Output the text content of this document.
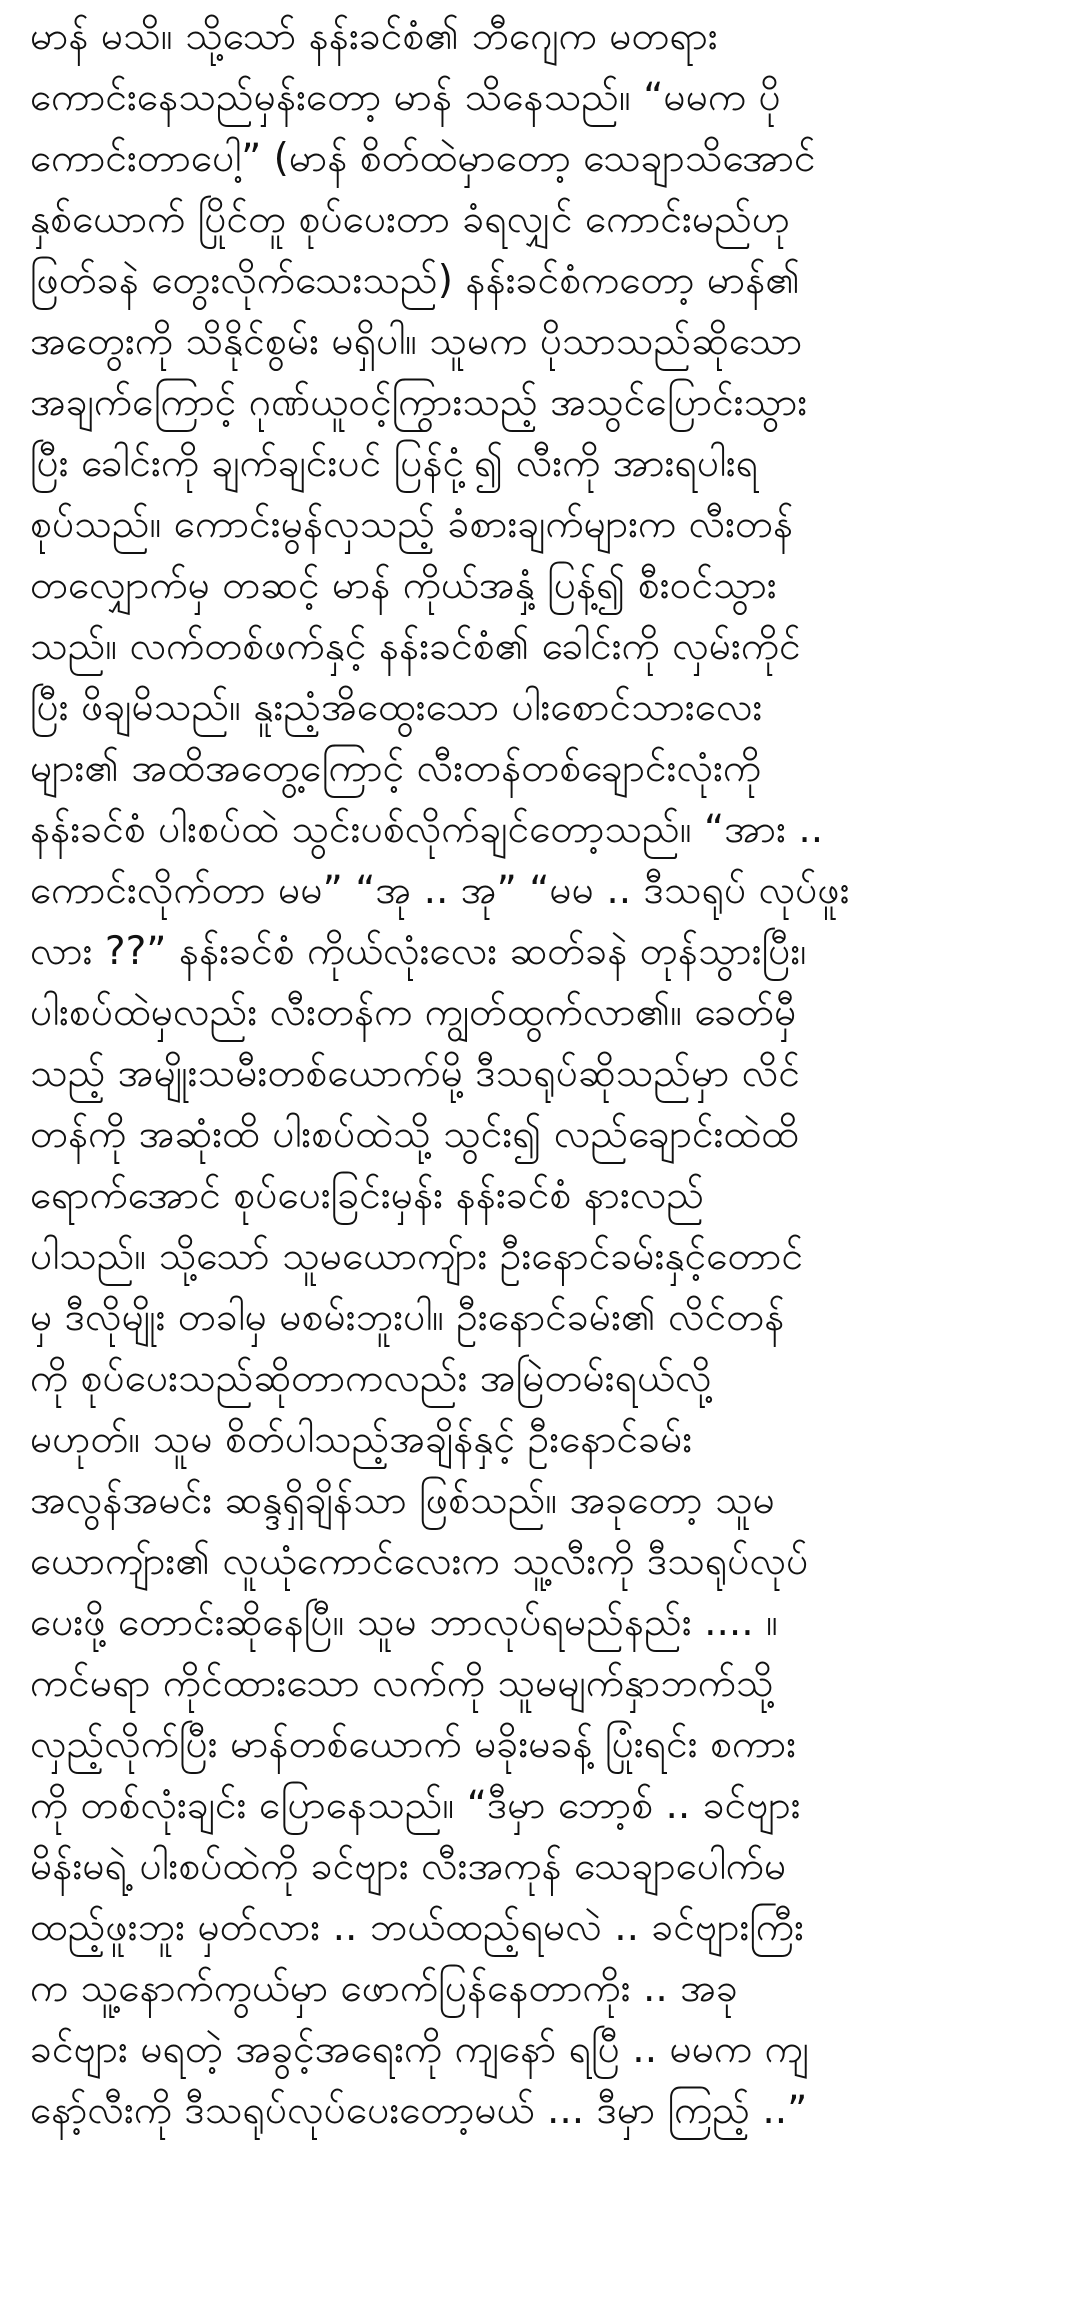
မာန် မသိ။ သို့သော် နန်းခင်စံ၏ ဘီဂျေက မတရား
ကောင်းနေသည်မှန်းတော့ မာန် သိနေသည်။ “မမက ပို
ကောင်းတာပေါ့” (မာန် စိတ်ထဲမှာတော့ သေချာသိအောင်
နှစ်ယောက် ပြိုင်တူ စုပ်ပေးတာ ခံရလျှင် ကောင်းမည်ဟု
ဖြတ်ခနဲ တွေးလိုက်သေးသည်) နန်းခင်စံကတော့ မာန်၏
အတွေးကို သိနိုင်စွမ်း မရှိပါ။ သူမက ပိုသာသည်ဆိုသော
အချက်ကြောင့် ဂုဏ်ယူဝင့်ကြွားသည့် အသွင်ပြောင်းသွား
ပြီး ခေါင်းကို ချက်ချင်းပင် ပြန်ငုံ့၍ လီးကို အားရပါးရ
စုပ်သည်။ ကောင်းမွန်လှသည့် ခံစားချက်များက လီးတန်
တလျှောက်မှ တဆင့် မာန် ကိုယ်အနှံ့ ပြန့်၍ စီးဝင်သွား
သည်။ လက်တစ်ဖက်နှင့် နန်းခင်စံ၏ ခေါင်းကို လှမ်းကိုင်
ပြီး ဖိချမိသည်။ နူးညံ့အိထွေးသော ပါးစောင်သားလေး
များ၏ အထိအတွေ့ကြောင့် လီးတန်တစ်ချောင်းလုံးကို
နန်းခင်စံ ပါးစပ်ထဲ သွင်းပစ်လိုက်ချင်တော့သည်။ “အား ..
ကောင်းလိုက်တာ မမ” “အု .. အု” “မမ .. ဒီသရုပ် လုပ်ဖူး
လား ??” နန်းခင်စံ ကိုယ်လုံးလေး ဆတ်ခနဲ တုန်သွားပြီး၊
ပါးစပ်ထဲမှလည်း လီးတန်က ကျွတ်ထွက်လာ၏။ ခေတ်မှီ
သည့် အမျိုးသမီးတစ်ယောက်မို့ ဒီသရုပ်ဆိုသည်မှာ လိင်
တန်ကို အဆုံးထိ ပါးစပ်ထဲသို့ သွင်း၍ လည်ချောင်းထဲထိ
ရောက်အောင် စုပ်ပေးခြင်းမှန်း နန်းခင်စံ နားလည်
ပါသည်။ သို့သော် သူမယောကျ်ား ဦးနောင်ခမ်းနှင့်တောင်
မှ ဒီလိုမျိုး တခါမှ မစမ်းဘူးပါ။ ဦးနောင်ခမ်း၏ လိင်တန်
ကို စုပ်ပေးသည်ဆိုတာကလည်း အမြဲတမ်းရယ်လို့
မဟုတ်။ သူမ စိတ်ပါသည့်အချိန်နှင့် ဦးနောင်ခမ်း
အလွန်အမင်း ဆန္ဒရှိချိန်သာ ဖြစ်သည်။ အခုတော့ သူမ
ယောကျ်ား၏ လူယုံကောင်လေးက သူ့လီးကို ဒီသရုပ်လုပ်
ပေးဖို့ တောင်းဆိုနေပြီ။ သူမ ဘာလုပ်ရမည်နည်း .... ။
ကင်မရာ ကိုင်ထားသော လက်ကို သူမမျက်နှာဘက်သို့
လှည့်လိုက်ပြီး မာန်တစ်ယောက် မခိုးမခန့် ပြုံးရင်း စကား
ကို တစ်လုံးချင်း ပြောနေသည်။ “ဒီမှာ ဘော့စ် .. ခင်ဗျား
မိန်းမရဲ့ ပါးစပ်ထဲကို ခင်ဗျား လီးအကုန် သေချာပေါက်မ
ထည့်ဖူးဘူး မှတ်လား .. ဘယ်ထည့်ရမလဲ .. ခင်ဗျားကြီး
က သူ့နောက်ကွယ်မှာ ဖောက်ပြန်နေတာကိုး .. အခု
ခင်ဗျား မရတဲ့ အခွင့်အရေးကို ကျနော် ရပြီ .. မမက ကျ
နော့်လီးကို ဒီသရုပ်လုပ်ပေးတော့မယ် ... ဒီမှာ ကြည့် ..”
